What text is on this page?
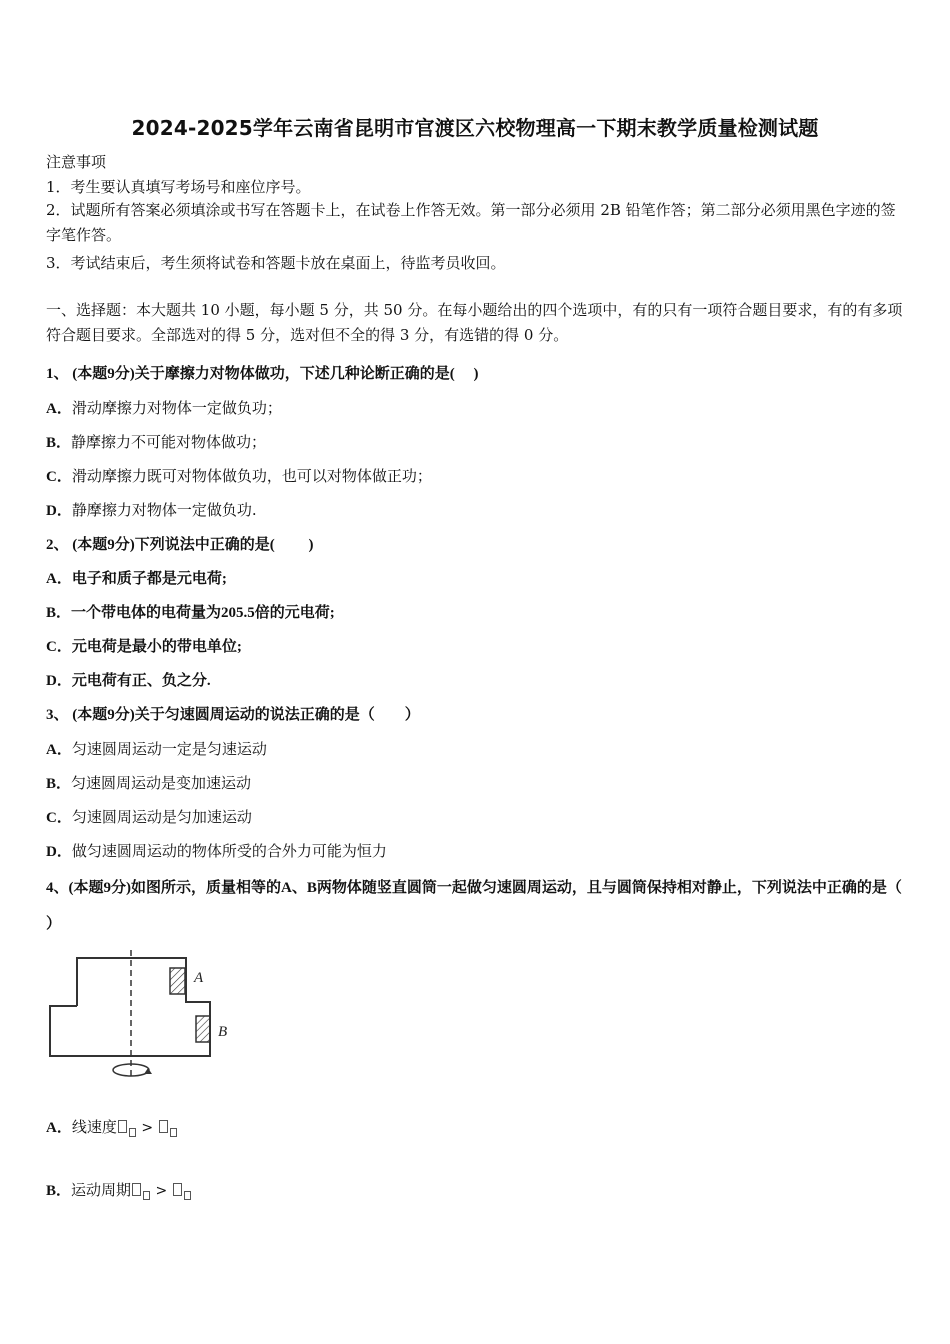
2024-2025学年云南省昆明市官渡区六校物理高一下期末教学质量检测试题
注意事项
1．考生要认真填写考场号和座位序号。
2．试题所有答案必须填涂或书写在答题卡上，在试卷上作答无效。第一部分必须用 2B 铅笔作答；第二部分必须用黑色字迹的签字笔作答。
3．考试结束后，考生须将试卷和答题卡放在桌面上，待监考员收回。
一、选择题：本大题共 10 小题，每小题 5 分，共 50 分。在每小题给出的四个选项中，有的只有一项符合题目要求，有的有多项符合题目要求。全部选对的得 5 分，选对但不全的得 3 分，有选错的得 0 分。
1、 (本题9分)关于摩擦力对物体做功，下述几种论断正确的是(　 )
A．滑动摩擦力对物体一定做负功；
B．静摩擦力不可能对物体做功；
C．滑动摩擦力既可对物体做负功，也可以对物体做正功；
D．静摩擦力对物体一定做负功.
2、 (本题9分)下列说法中正确的是(　 　)
A．电子和质子都是元电荷;
B．一个带电体的电荷量为205.5倍的元电荷;
C．元电荷是最小的带电单位;
D．元电荷有正、负之分.
3、 (本题9分)关于匀速圆周运动的说法正确的是（　　）
A．匀速圆周运动一定是匀速运动
B．匀速圆周运动是变加速运动
C．匀速圆周运动是匀加速运动
D．做匀速圆周运动的物体所受的合外力可能为恒力
4、(本题9分)如图所示，质量相等的A、B两物体随竖直圆筒一起做匀速圆周运动，且与圆筒保持相对静止，下列说法中正确的是（　 ）
A
B
A．线速度 >
B．运动周期 >
